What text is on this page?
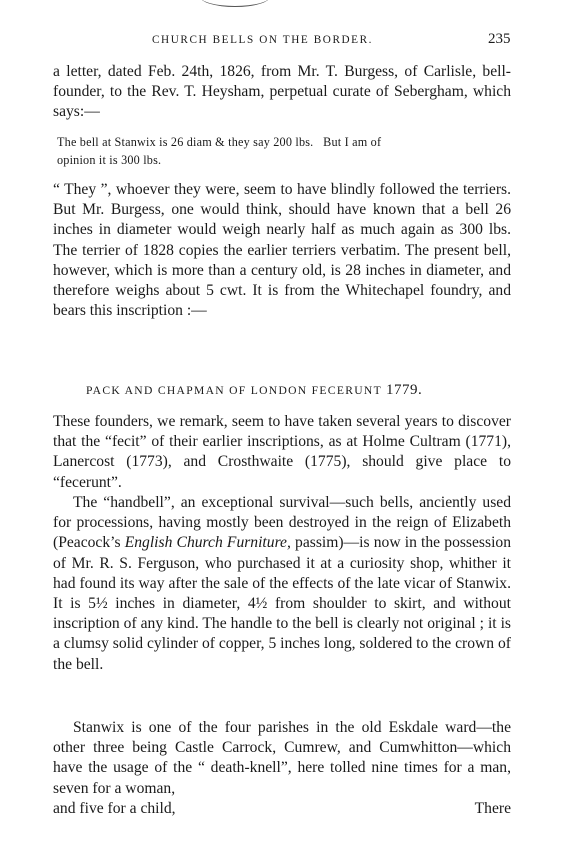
CHURCH BELLS ON THE BORDER.	235

a letter, dated Feb. 24th, 1826, from Mr. T. Burgess, of Carlisle, bell-founder, to the Rev. T. Heysham, perpetual curate of Sebergham, which says:—

The bell at Stanwix is 26 diam & they say 200 lbs.   But I am of
opinion it is 300 lbs.

“ They ”, whoever they were, seem to have blindly followed the terriers. But Mr. Burgess, one would think, should have known that a bell 26 inches in diameter would weigh nearly half as much again as 300 lbs. The terrier of 1828 copies the earlier terriers verbatim. The present bell, however, which is more than a century old, is 28 inches in diameter, and therefore weighs about 5 cwt. It is from the Whitechapel foundry, and bears this inscription :—

PACK AND CHAPMAN OF LONDON FECERUNT 1779.

These founders, we remark, seem to have taken several years to discover that the “fecit” of their earlier inscriptions, as at Holme Cultram (1771), Lanercost (1773), and Crosthwaite (1775), should give place to “fecerunt”.

The “handbell”, an exceptional survival—such bells, anciently used for processions, having mostly been destroyed in the reign of Elizabeth (Peacock’s English Church Furniture, passim)—is now in the possession of Mr. R. S. Ferguson, who purchased it at a curiosity shop, whither it had found its way after the sale of the effects of the late vicar of Stanwix. It is 5½ inches in diameter, 4½ from shoulder to skirt, and without inscription of any kind. The handle to the bell is clearly not original ; it is a clumsy solid cylinder of copper, 5 inches long, soldered to the crown of the bell.

Stanwix is one of the four parishes in the old Eskdale ward—the other three being Castle Carrock, Cumrew, and Cumwhitton—which have the usage of the “ death-knell”, here tolled nine times for a man, seven for a woman,

and five for a child,	There
